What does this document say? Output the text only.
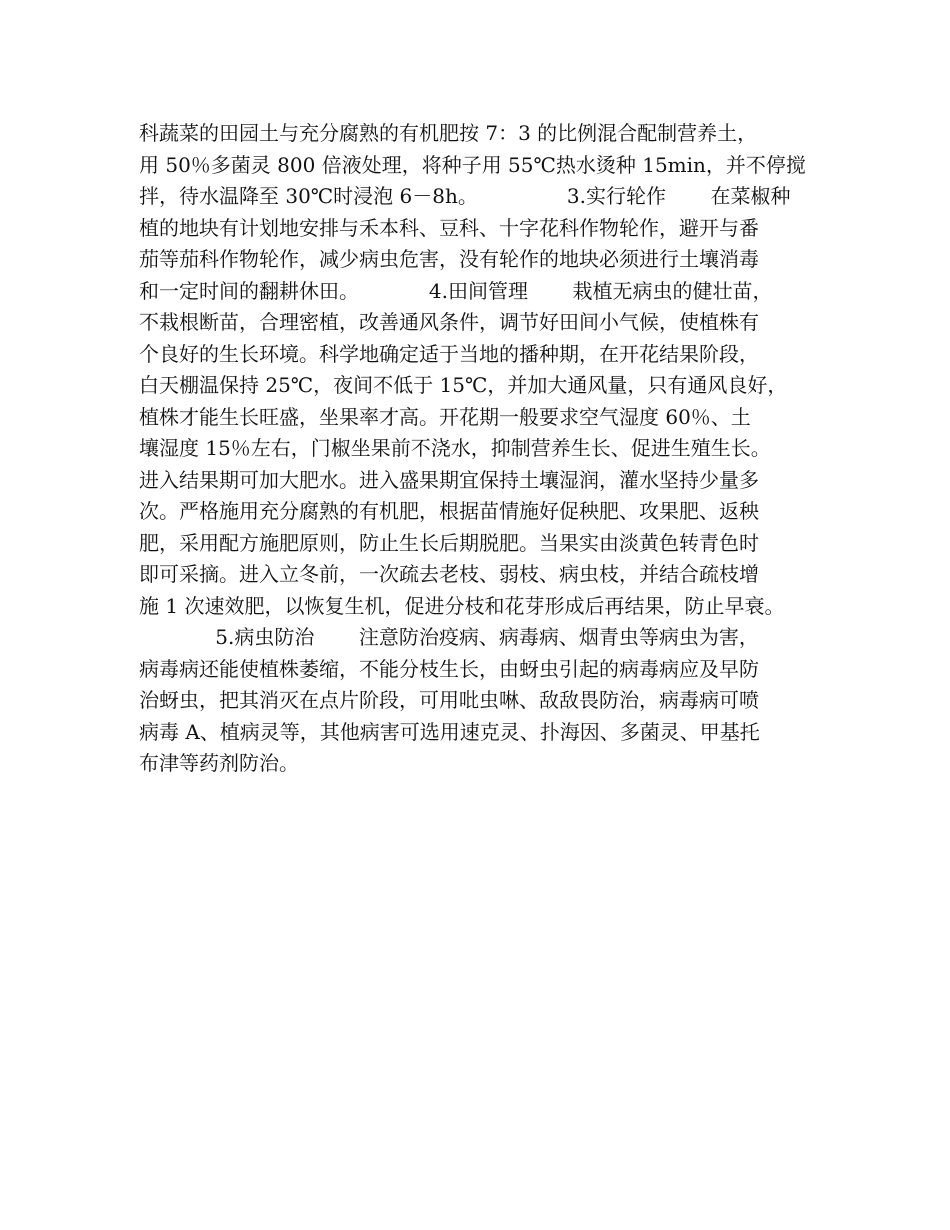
科蔬菜的田园土与充分腐熟的有机肥按 7：3 的比例混合配制营养土，
用 50％多菌灵 800 倍液处理，将种子用 55℃热水烫种 15min，并不停搅
拌，待水温降至 30℃时浸泡 6－8h。              3.实行轮作       在菜椒种
植的地块有计划地安排与禾本科、豆科、十字花科作物轮作，避开与番
茄等茄科作物轮作，减少病虫危害，没有轮作的地块必须进行土壤消毒
和一定时间的翻耕休田。           4.田间管理       栽植无病虫的健壮苗，
不栽根断苗，合理密植，改善通风条件，调节好田间小气候，使植株有
个良好的生长环境。科学地确定适于当地的播种期，在开花结果阶段，
白天棚温保持 25℃，夜间不低于 15℃，并加大通风量，只有通风良好，
植株才能生长旺盛，坐果率才高。开花期一般要求空气湿度 60％、土
壤湿度 15％左右，门椒坐果前不浇水，抑制营养生长、促进生殖生长。
进入结果期可加大肥水。进入盛果期宜保持土壤湿润，灌水坚持少量多
次。严格施用充分腐熟的有机肥，根据苗情施好促秧肥、攻果肥、返秧
肥，采用配方施肥原则，防止生长后期脱肥。当果实由淡黄色转青色时
即可采摘。进入立冬前，一次疏去老枝、弱枝、病虫枝，并结合疏枝增
施 1 次速效肥，以恢复生机，促进分枝和花芽形成后再结果，防止早衰。
5.病虫防治       注意防治疫病、病毒病、烟青虫等病虫为害，
病毒病还能使植株萎缩，不能分枝生长，由蚜虫引起的病毒病应及早防
治蚜虫，把其消灭在点片阶段，可用吡虫啉、敌敌畏防治，病毒病可喷
病毒 A、植病灵等，其他病害可选用速克灵、扑海因、多菌灵、甲基托
布津等药剂防治。
